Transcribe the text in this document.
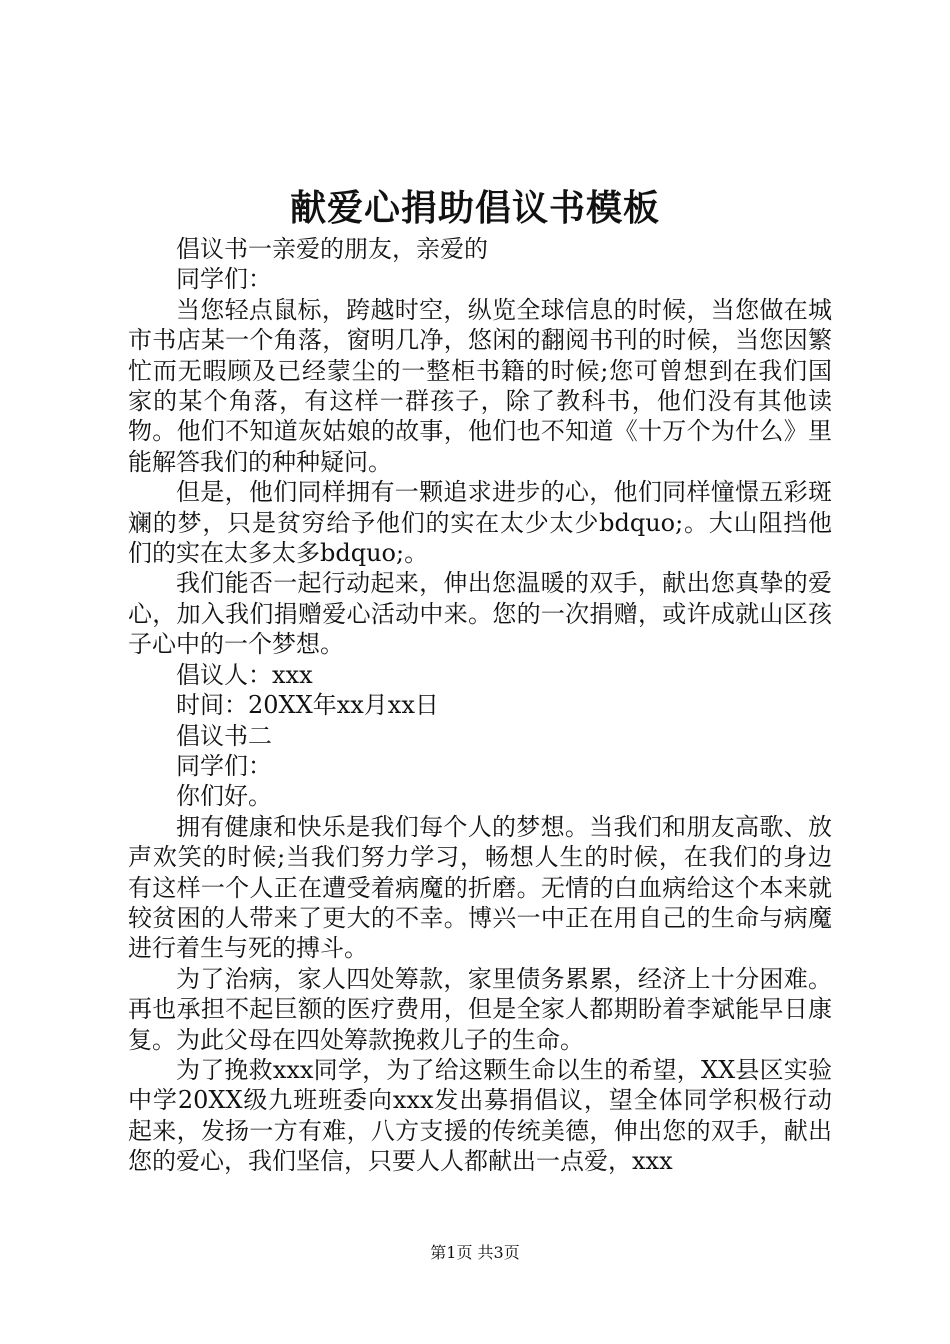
献爱心捐助倡议书模板

倡议书一亲爱的朋友，亲爱的

同学们：

当您轻点鼠标，跨越时空，纵览全球信息的时候，当您做在城市书店某一个角落，窗明几净，悠闲的翻阅书刊的时候，当您因繁忙而无暇顾及已经蒙尘的一整柜书籍的时候;您可曾想到在我们国家的某个角落，有这样一群孩子，除了教科书，他们没有其他读物。他们不知道灰姑娘的故事，他们也不知道《十万个为什么》里能解答我们的种种疑问。

但是，他们同样拥有一颗追求进步的心，他们同样憧憬五彩斑斓的梦，只是贫穷给予他们的实在太少太少bdquo;。大山阻挡他们的实在太多太多bdquo;。

我们能否一起行动起来，伸出您温暖的双手，献出您真挚的爱心，加入我们捐赠爱心活动中来。您的一次捐赠，或许成就山区孩子心中的一个梦想。

倡议人：xxx

时间：20XX年xx月xx日

倡议书二

同学们：

你们好。

拥有健康和快乐是我们每个人的梦想。当我们和朋友高歌、放声欢笑的时候;当我们努力学习，畅想人生的时候，在我们的身边有这样一个人正在遭受着病魔的折磨。无情的白血病给这个本来就较贫困的人带来了更大的不幸。博兴一中正在用自己的生命与病魔进行着生与死的搏斗。

为了治病，家人四处筹款，家里债务累累，经济上十分困难。再也承担不起巨额的医疗费用，但是全家人都期盼着李斌能早日康复。为此父母在四处筹款挽救儿子的生命。

为了挽救xxx同学，为了给这颗生命以生的希望，XX县区实验中学20XX级九班班委向xxx发出募捐倡议，望全体同学积极行动起来，发扬一方有难，八方支援的传统美德，伸出您的双手，献出您的爱心，我们坚信，只要人人都献出一点爱，xxx

第1页 共3页
